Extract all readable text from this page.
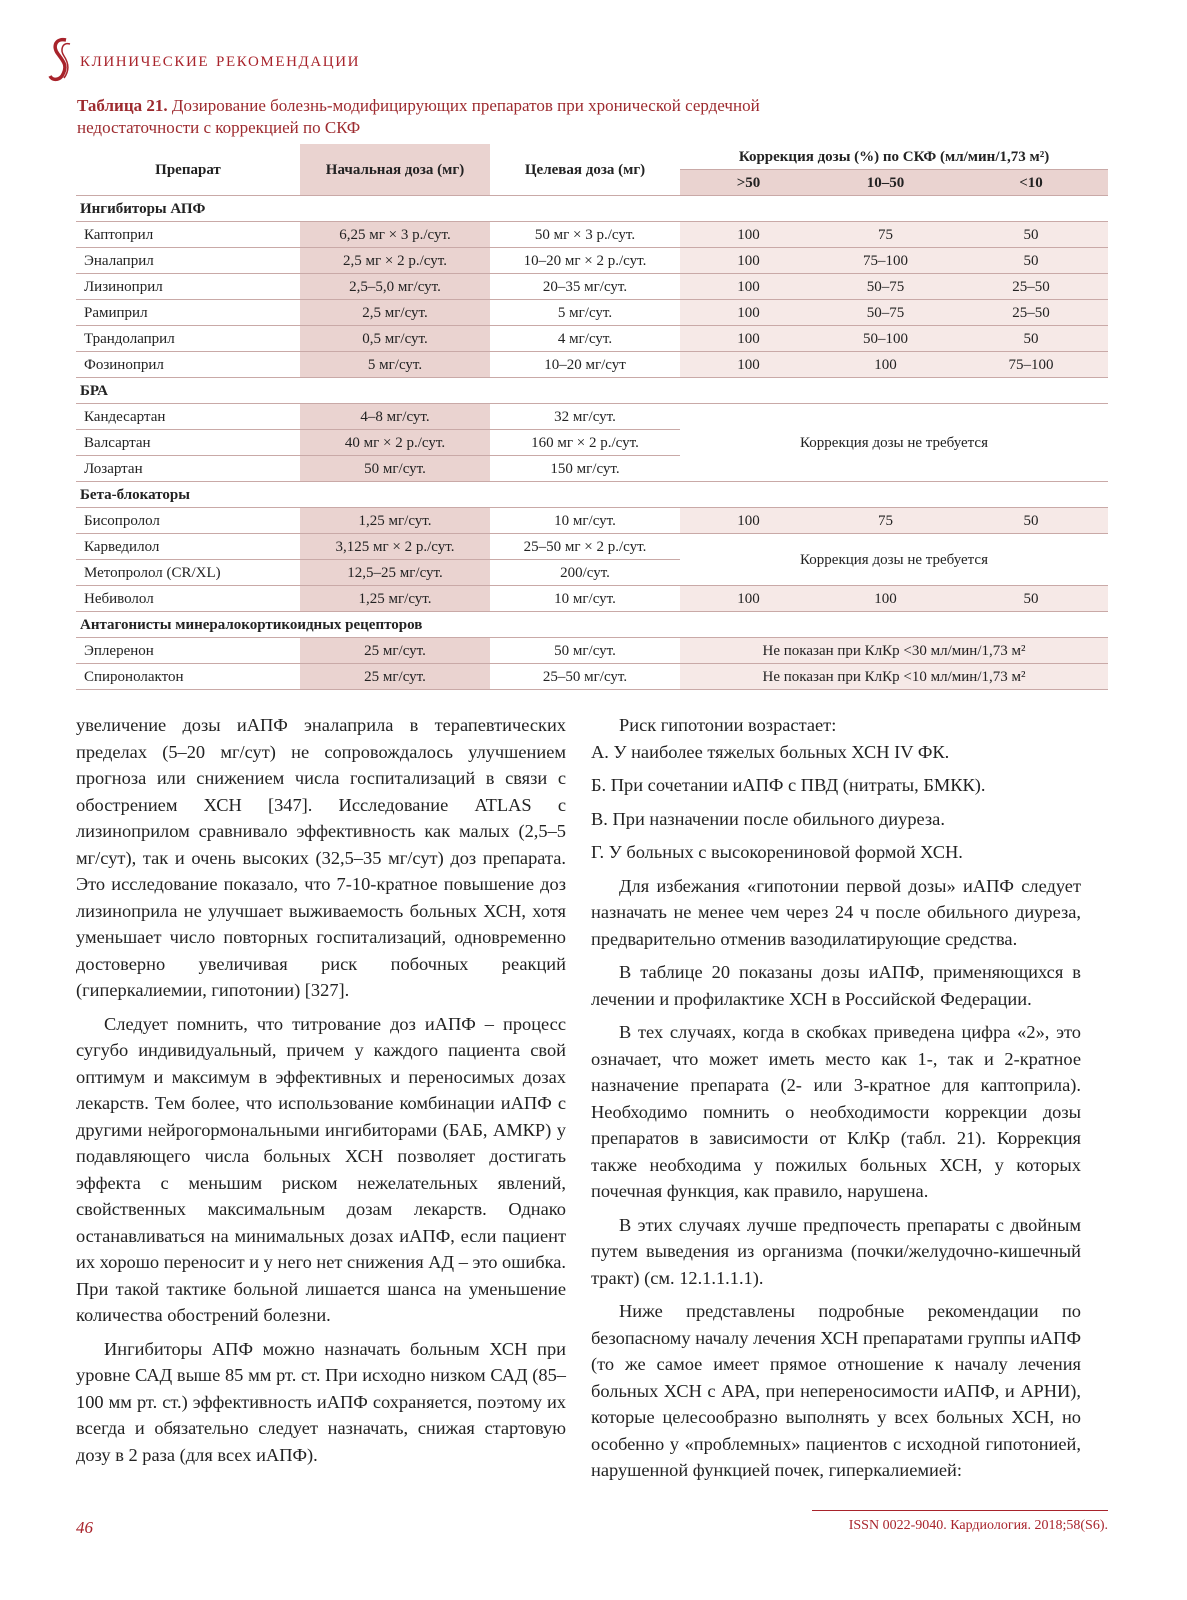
клинические рекомендации
Таблица 21. Дозирование болезнь-модифицирующих препаратов при хронической сердечной недостаточности с коррекцией по СКФ
Препарат	Начальная доза (мг)	Целевая доза (мг)	Коррекция дозы (%) по СКФ (мл/мин/1,73 м²)		
			>50	10–50	<10
Ингибиторы АПФ					
Каптоприл	6,25 мг × 3 р./сут.	50 мг × 3 р./сут.	100	75	50
Эналаприл	2,5 мг × 2 р./сут.	10–20 мг × 2 р./сут.	100	75–100	50
Лизиноприл	2,5–5,0 мг/сут.	20–35 мг/сут.	100	50–75	25–50
Рамиприл	2,5 мг/сут.	5 мг/сут.	100	50–75	25–50
Трандолаприл	0,5 мг/сут.	4 мг/сут.	100	50–100	50
Фозиноприл	5 мг/сут.	10–20 мг/сут	100	100	75–100
БРА					
Кандесартан	4–8 мг/сут.	32 мг/сут.	Коррекция дозы не требуется		
Валсартан	40 мг × 2 р./сут.	160 мг × 2 р./сут.			
Лозартан	50 мг/сут.	150 мг/сут.			
Бета-блокаторы					
Бисопролол	1,25 мг/сут.	10 мг/сут.	100	75	50
Карведилол	3,125 мг × 2 р./сут.	25–50 мг × 2 р./сут.	Коррекция дозы не требуется		
Метопролол (CR/XL)	12,5–25 мг/сут.	200/сут.			
Небиволол	1,25 мг/сут.	10 мг/сут.	100	100	50
Антагонисты минералокортикоидных рецепторов					
Эплеренон	25 мг/сут.	50 мг/сут.	Не показан при КлКр <30 мл/мин/1,73 м²		
Спиронолактон	25 мг/сут.	25–50 мг/сут.	Не показан при КлКр <10 мл/мин/1,73 м²		

увеличение дозы иАПФ эналаприла в терапевтических пределах (5–20 мг/сут) не сопровождалось улучшением прогноза или снижением числа госпитализаций в связи с обострением ХСН [347]. Исследование ATLAS с лизиноприлом сравнивало эффективность как малых (2,5–5 мг/сут), так и очень высоких (32,5–35 мг/сут) доз препарата. Это исследование показало, что 7-10-кратное повышение доз лизиноприла не улучшает выживаемость больных ХСН, хотя уменьшает число повторных госпитализаций, одновременно достоверно увеличивая риск побочных реакций (гиперкалиемии, гипотонии) [327].

Следует помнить, что титрование доз иАПФ – процесс сугубо индивидуальный, причем у каждого пациента свой оптимум и максимум в эффективных и переносимых дозах лекарств. Тем более, что использование комбинации иАПФ с другими нейрогормональными ингибиторами (БАБ, АМКР) у подавляющего числа больных ХСН позволяет достигать эффекта с меньшим риском нежелательных явлений, свойственных максимальным дозам лекарств. Однако останавливаться на минимальных дозах иАПФ, если пациент их хорошо переносит и у него нет снижения АД – это ошибка. При такой тактике больной лишается шанса на уменьшение количества обострений болезни.

Ингибиторы АПФ можно назначать больным ХСН при уровне САД выше 85 мм рт. ст. При исходно низком САД (85–100 мм рт. ст.) эффективность иАПФ сохраняется, поэтому их всегда и обязательно следует назначать, снижая стартовую дозу в 2 раза (для всех иАПФ).

Риск гипотонии возрастает:

А. У наиболее тяжелых больных ХСН IV ФК.

Б. При сочетании иАПФ с ПВД (нитраты, БМКК).

В. При назначении после обильного диуреза.

Г. У больных с высокорениновой формой ХСН.

Для избежания «гипотонии первой дозы» иАПФ следует назначать не менее чем через 24 ч после обильного диуреза, предварительно отменив вазодилатирующие средства.

В таблице 20 показаны дозы иАПФ, применяющихся в лечении и профилактике ХСН в Российской Федерации.

В тех случаях, когда в скобках приведена цифра «2», это означает, что может иметь место как 1-, так и 2-кратное назначение препарата (2- или 3-кратное для каптоприла). Необходимо помнить о необходимости коррекции дозы препаратов в зависимости от КлКр (табл. 21). Коррекция также необходима у пожилых больных ХСН, у которых почечная функция, как правило, нарушена.

В этих случаях лучше предпочесть препараты с двойным путем выведения из организма (почки/желудочно-кишечный тракт) (см. 12.1.1.1.1).

Ниже представлены подробные рекомендации по безопасному началу лечения ХСН препаратами группы иАПФ (то же самое имеет прямое отношение к началу лечения больных ХСН с АРА, при непереносимости иАПФ, и АРНИ), которые целесообразно выполнять у всех больных ХСН, но особенно у «проблемных» пациентов с исходной гипотонией, нарушенной функцией почек, гиперкалиемией:

46	ISSN 0022-9040. Кардиология. 2018;58(S6).
